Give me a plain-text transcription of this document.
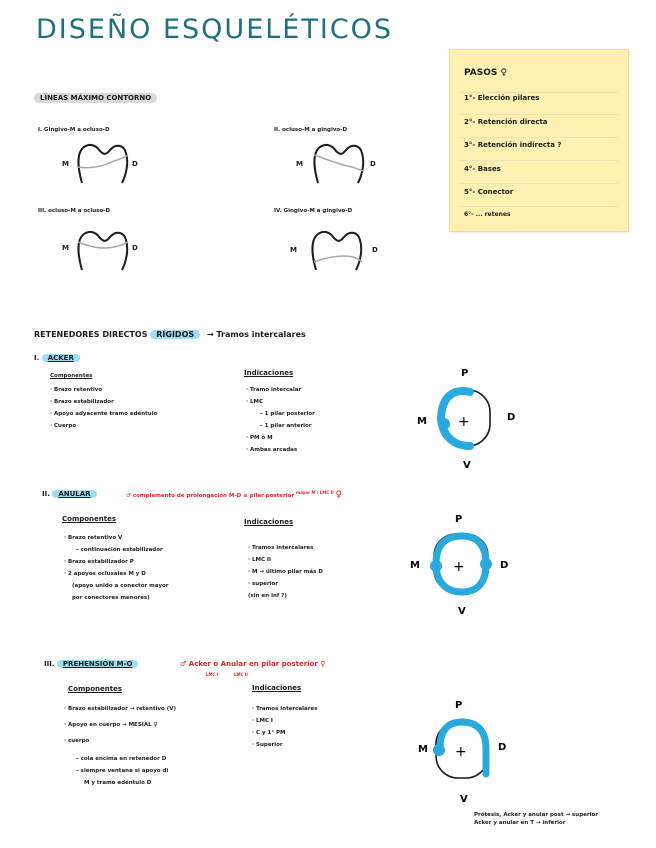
DISEÑO ESQUELÉTICOS
PASOS ♀
1°- Elección pilares
2°- Retención directa
3°- Retención indirecta ?
4°- Bases
5°- Conector
6°- ... retenes
LÍNEAS MÁXIMO CONTORNO
I. Gingivo-M a ocluso-D
M	D
II. ocluso-M a gingivo-D
M	D
III. ocluso-M a ocluso-D
M	D
IV. Gingivo-M a gingivo-D
M	D
RETENEDORES DIRECTOS RÍGIDOS → Tramos intercalares
I. ACKER
Componentes
· Brazo retentivo
· Brazo estabilizador
· Apoyo adyacente tramo edéntulo
· Cuerpo
Indicaciones
· Tramo intercalar
· LMC
– 1 pilar posterior
– 1 pilar anterior
· PM ó M
· Ambas arcadas
P
M	D
V
+
II. ANULAR	♂ complemento de prolongación M-D ≤ pilar posterior $^{mayor M / LMC II}$ ♀
Componentes
· Brazo retentivo V
– continuación estabilizador
· Brazo estabilizador P
· 2 apoyos oclusales M y D
(apoyo unido a conector mayor
por conectores menores)
Indicaciones
· Tramos intercalares
· LMC II
· M → último pilar más D
· superior
(sin en inf ?)
P
M	D
V
+
III. PREHENSIÓN M-O	♂ Acker o Anular en pilar posterior ♀
LMC I	LMC II
Componentes
· Brazo estabilizador → retentivo (V)
· Apoyo en cuerpo → MESIAL ♀
· cuerpo
– cola encima en retenedor D
– siempre ventana si apoyo di
M y tramo edéntulo D
Indicaciones
· Tramos intercalares
· LMC I
· C y 1° PM
· Superior
P
M	D
V
+
Prótesis, Acker y anular post → superior
Acker y anular en T → inferior
